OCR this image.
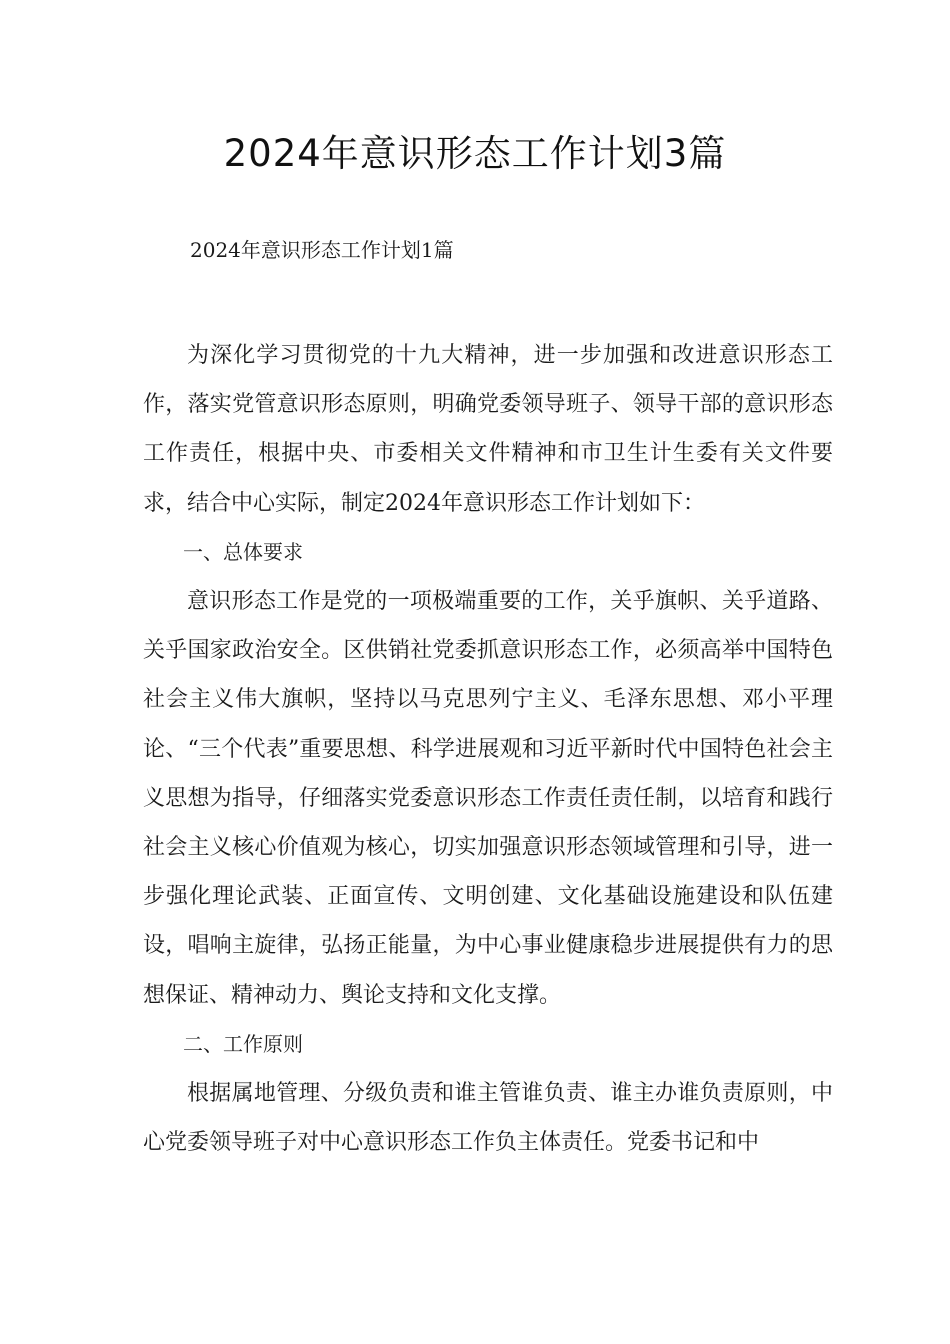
2024年意识形态工作计划3篇
2024年意识形态工作计划1篇

为深化学习贯彻党的十九大精神，进一步加强和改进意识形态工作，落实党管意识形态原则，明确党委领导班子、领导干部的意识形态工作责任，根据中央、市委相关文件精神和市卫生计生委有关文件要求，结合中心实际，制定2024年意识形态工作计划如下：

一、总体要求

意识形态工作是党的一项极端重要的工作，关乎旗帜、关乎道路、关乎国家政治安全。区供销社党委抓意识形态工作，必须高举中国特色社会主义伟大旗帜，坚持以马克思列宁主义、毛泽东思想、邓小平理论、“三个代表”重要思想、科学进展观和习近平新时代中国特色社会主义思想为指导，仔细落实党委意识形态工作责任责任制，以培育和践行社会主义核心价值观为核心，切实加强意识形态领域管理和引导，进一步强化理论武装、正面宣传、文明创建、文化基础设施建设和队伍建设，唱响主旋律，弘扬正能量，为中心事业健康稳步进展提供有力的思想保证、精神动力、舆论支持和文化支撑。

二、工作原则

根据属地管理、分级负责和谁主管谁负责、谁主办谁负责原则，中心党委领导班子对中心意识形态工作负主体责任。党委书记和中
